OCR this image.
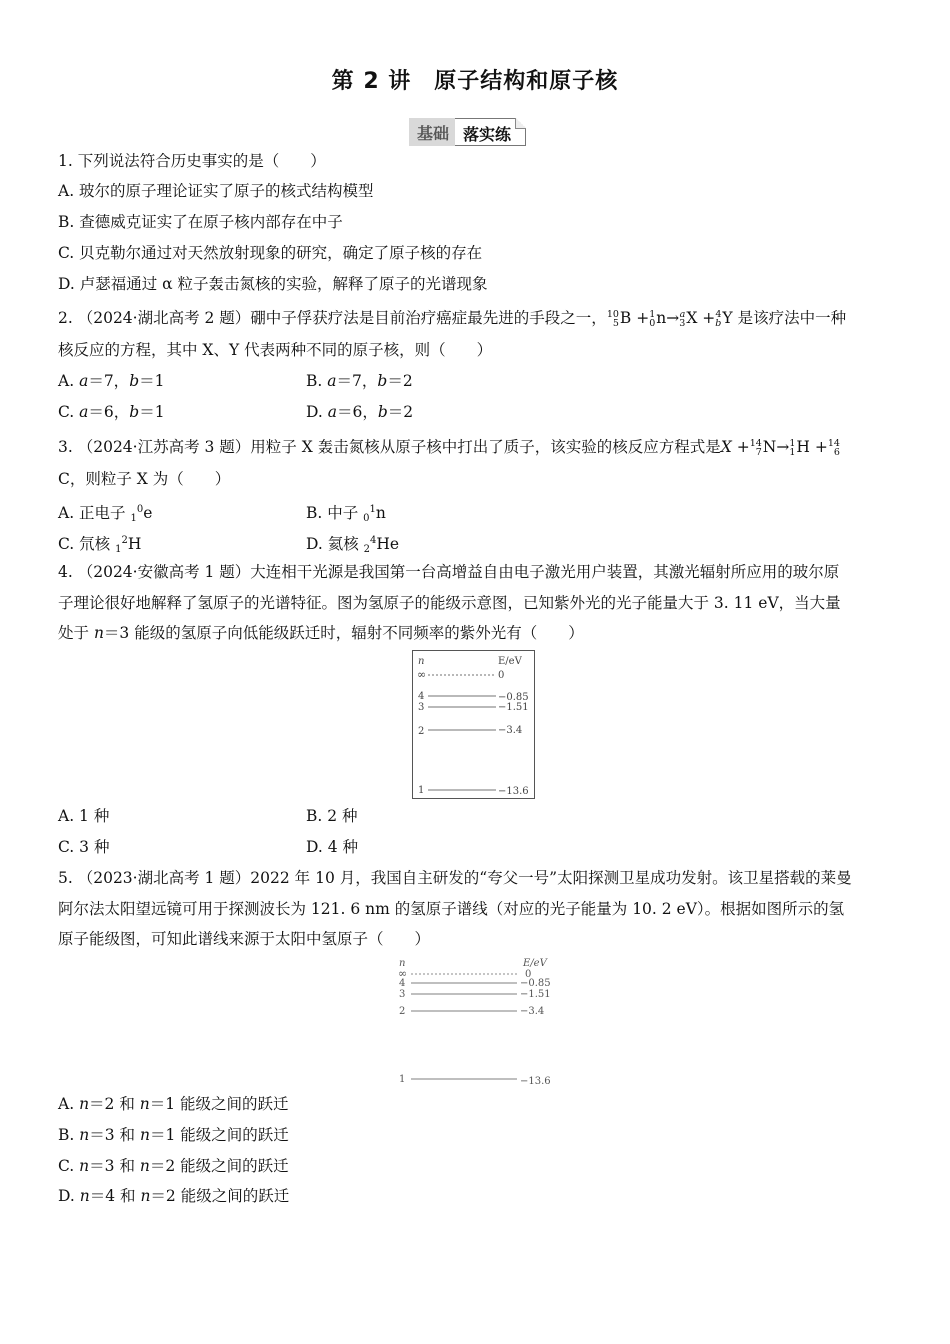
第 2 讲　原子结构和原子核
基础 落实练
1. 下列说法符合历史事实的是（　　）
A. 玻尔的原子理论证实了原子的核式结构模型
B. 查德威克证实了在原子核内部存在中子
C. 贝克勒尔通过对天然放射现象的研究，确定了原子核的存在
D. 卢瑟福通过 α 粒子轰击氮核的实验，解释了原子的光谱现象
2. （2024·湖北高考 2 题）硼中子俘获疗法是目前治疗癌症最先进的手段之一， 10
5 B + 1
0 n→ a
3 X + 4
b Y 是该疗法中一种
核反应的方程，其中 X、Y 代表两种不同的原子核，则（　　）
A. a＝7，b＝1	B. a＝7，b＝2
C. a＝6，b＝1	D. a＝6，b＝2
3. （2024·江苏高考 3 题）用粒子 X 轰击氮核从原子核中打出了质子，该实验的核反应方程式是X + 14
7 N→ 1
1 H + 14
6
C，则粒子 X 为（　　）
A. 正电子 $_1^0$e	B. 中子 $_0^1$n
C. 氘核 $_1^2$H	D. 氦核 $_2^4$He
4. （2024·安徽高考 1 题）大连相干光源是我国第一台高增益自由电子激光用户装置，其激光辐射所应用的玻尔原
子理论很好地解释了氢原子的光谱特征。图为氢原子的能级示意图，已知紫外光的光子能量大于 3. 11 eV，当大量
处于 n＝3 能级的氢原子向低能级跃迁时，辐射不同频率的紫外光有（　　）
n	E/eV
∞	0
4	−0.85
3	−1.51
2	−3.4
1	−13.6
A. 1 种	B. 2 种
C. 3 种	D. 4 种
5. （2023·湖北高考 1 题）2022 年 10 月，我国自主研发的“夸父一号”太阳探测卫星成功发射。该卫星搭载的莱曼
阿尔法太阳望远镜可用于探测波长为 121. 6 nm 的氢原子谱线（对应的光子能量为 10. 2 eV）。根据如图所示的氢
原子能级图，可知此谱线来源于太阳中氢原子（　　）
n	E/eV
∞	0
4	−0.85
3	−1.51
2	−3.4
1	−13.6
A. n＝2 和 n＝1 能级之间的跃迁
B. n＝3 和 n＝1 能级之间的跃迁
C. n＝3 和 n＝2 能级之间的跃迁
D. n＝4 和 n＝2 能级之间的跃迁
